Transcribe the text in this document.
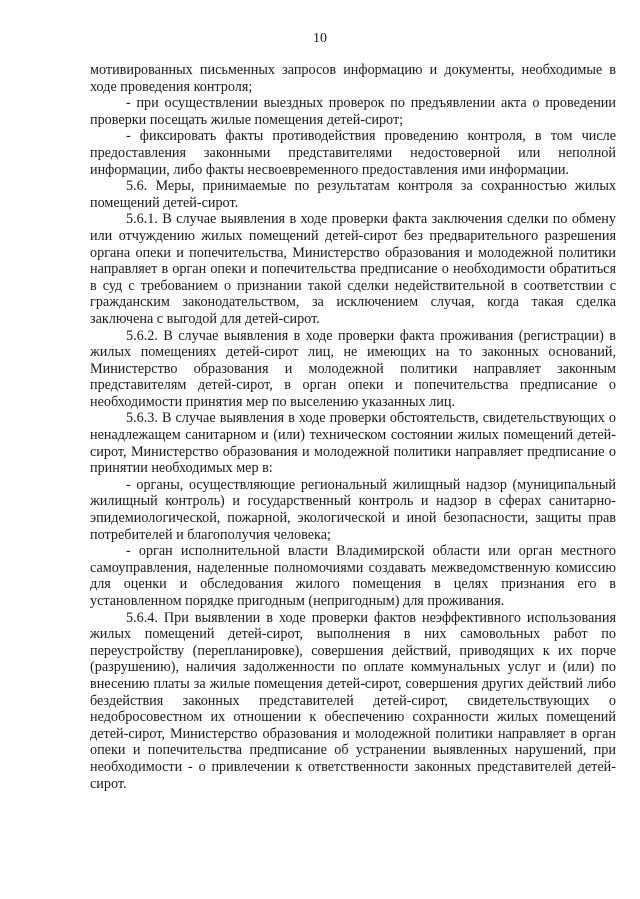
10

мотивированных письменных запросов информацию и документы, необходимые в ходе проведения контроля;

- при осуществлении выездных проверок по предъявлении акта о проведении проверки посещать жилые помещения детей-сирот;

- фиксировать факты противодействия проведению контроля, в том числе предоставления законными представителями недостоверной или неполной информации, либо факты несвоевременного предоставления ими информации.

5.6. Меры, принимаемые по результатам контроля за сохранностью жилых помещений детей-сирот.

5.6.1. В случае выявления в ходе проверки факта заключения сделки по обмену или отчуждению жилых помещений детей-сирот без предварительного разрешения органа опеки и попечительства, Министерство образования и молодежной политики направляет в орган опеки и попечительства предписание о необходимости обратиться в суд с требованием о признании такой сделки недействительной в соответствии с гражданским законодательством, за исключением случая, когда такая сделка заключена с выгодой для детей-сирот.

5.6.2. В случае выявления в ходе проверки факта проживания (регистрации) в жилых помещениях детей-сирот лиц, не имеющих на то законных оснований, Министерство образования и молодежной политики направляет законным представителям детей-сирот, в орган опеки и попечительства предписание о необходимости принятия мер по выселению указанных лиц.

5.6.3. В случае выявления в ходе проверки обстоятельств, свидетельствующих о ненадлежащем санитарном и (или) техническом состоянии жилых помещений детей-сирот, Министерство образования и молодежной политики направляет предписание о принятии необходимых мер в:

- органы, осуществляющие региональный жилищный надзор (муниципальный жилищный контроль) и государственный контроль и надзор в сферах санитарно-эпидемиологической, пожарной, экологической и иной безопасности, защиты прав потребителей и благополучия человека;

- орган исполнительной власти Владимирской области или орган местного самоуправления, наделенные полномочиями создавать межведомственную комиссию для оценки и обследования жилого помещения в целях признания его в установленном порядке пригодным (непригодным) для проживания.

5.6.4. При выявлении в ходе проверки фактов неэффективного использования жилых помещений детей-сирот, выполнения в них самовольных работ по переустройству (перепланировке), совершения действий, приводящих к их порче (разрушению), наличия задолженности по оплате коммунальных услуг и (или) по внесению платы за жилые помещения детей-сирот, совершения других действий либо бездействия законных представителей детей-сирот, свидетельствующих о недобросовестном их отношении к обеспечению сохранности жилых помещений детей-сирот, Министерство образования и молодежной политики направляет в орган опеки и попечительства предписание об устранении выявленных нарушений, при необходимости - о привлечении к ответственности законных представителей детей-сирот.
